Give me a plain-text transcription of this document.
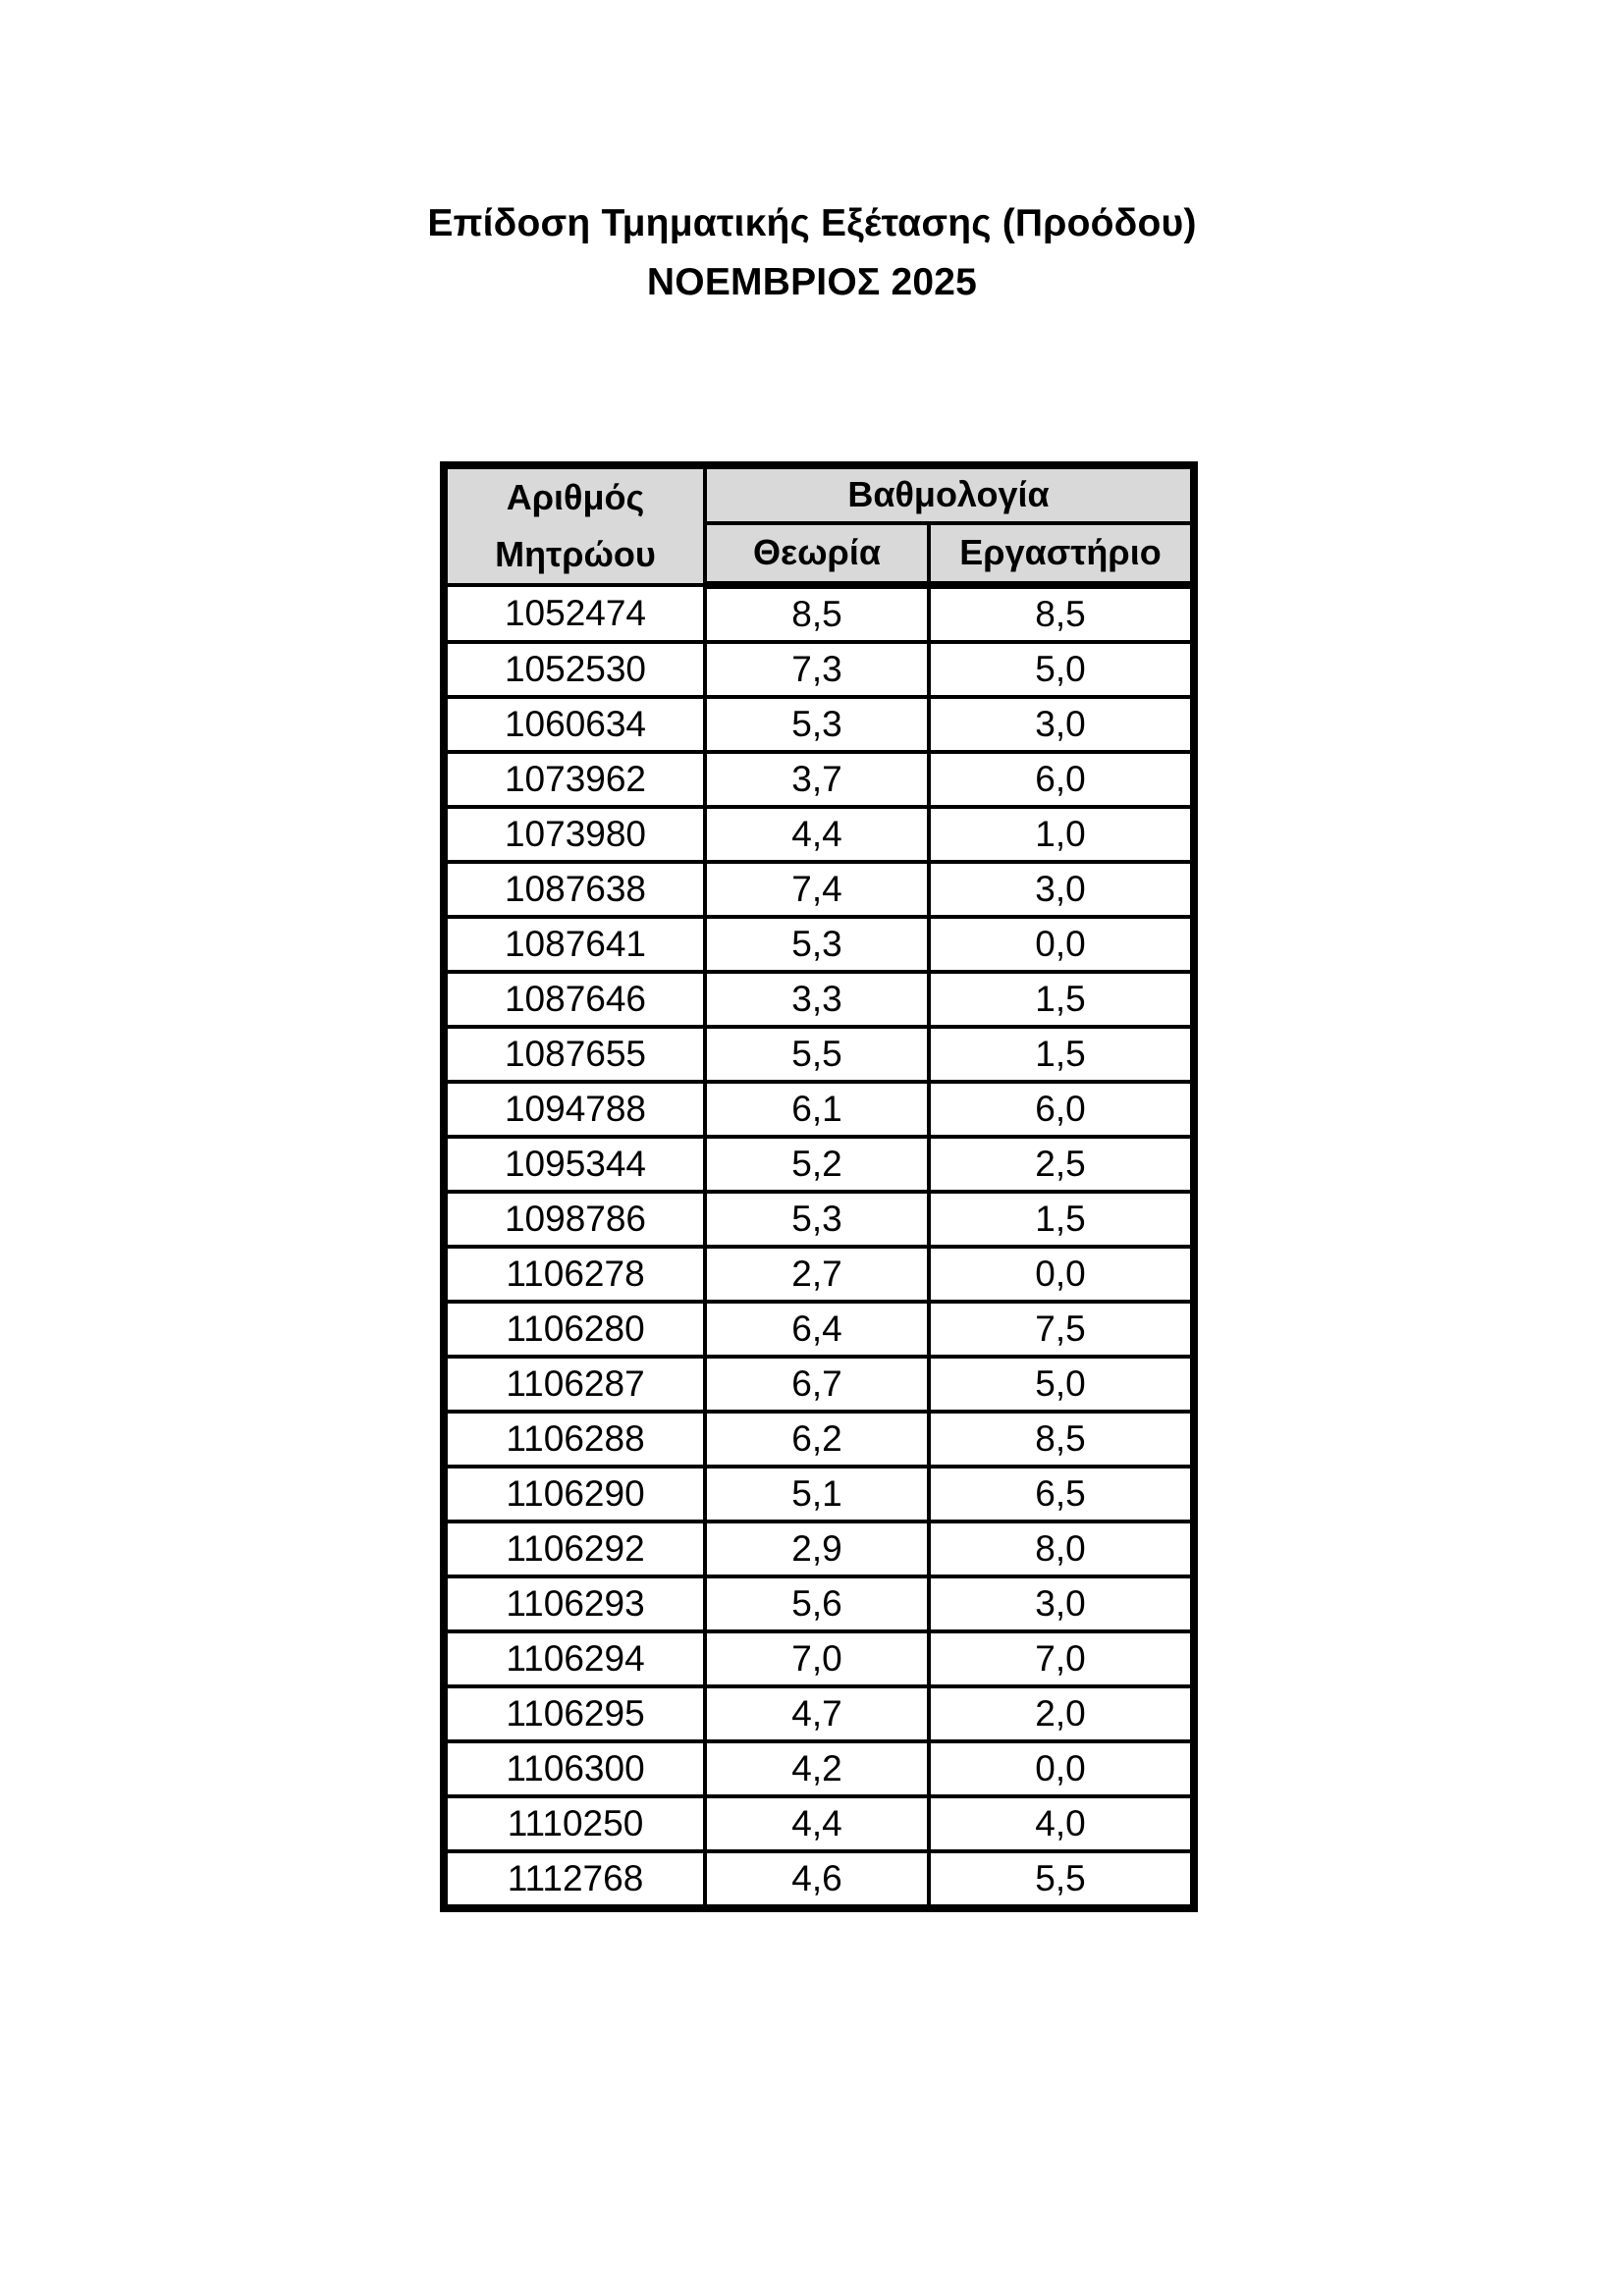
Επίδοση Τμηματικής Εξέτασης (Προόδου)
ΝΟΕΜΒΡΙΟΣ 2025
Αριθμός
Μητρώου	Βαθμολογία	
	Θεωρία	Εργαστήριο
1052474	8,5	8,5
1052530	7,3	5,0
1060634	5,3	3,0
1073962	3,7	6,0
1073980	4,4	1,0
1087638	7,4	3,0
1087641	5,3	0,0
1087646	3,3	1,5
1087655	5,5	1,5
1094788	6,1	6,0
1095344	5,2	2,5
1098786	5,3	1,5
1106278	2,7	0,0
1106280	6,4	7,5
1106287	6,7	5,0
1106288	6,2	8,5
1106290	5,1	6,5
1106292	2,9	8,0
1106293	5,6	3,0
1106294	7,0	7,0
1106295	4,7	2,0
1106300	4,2	0,0
1110250	4,4	4,0
1112768	4,6	5,5
